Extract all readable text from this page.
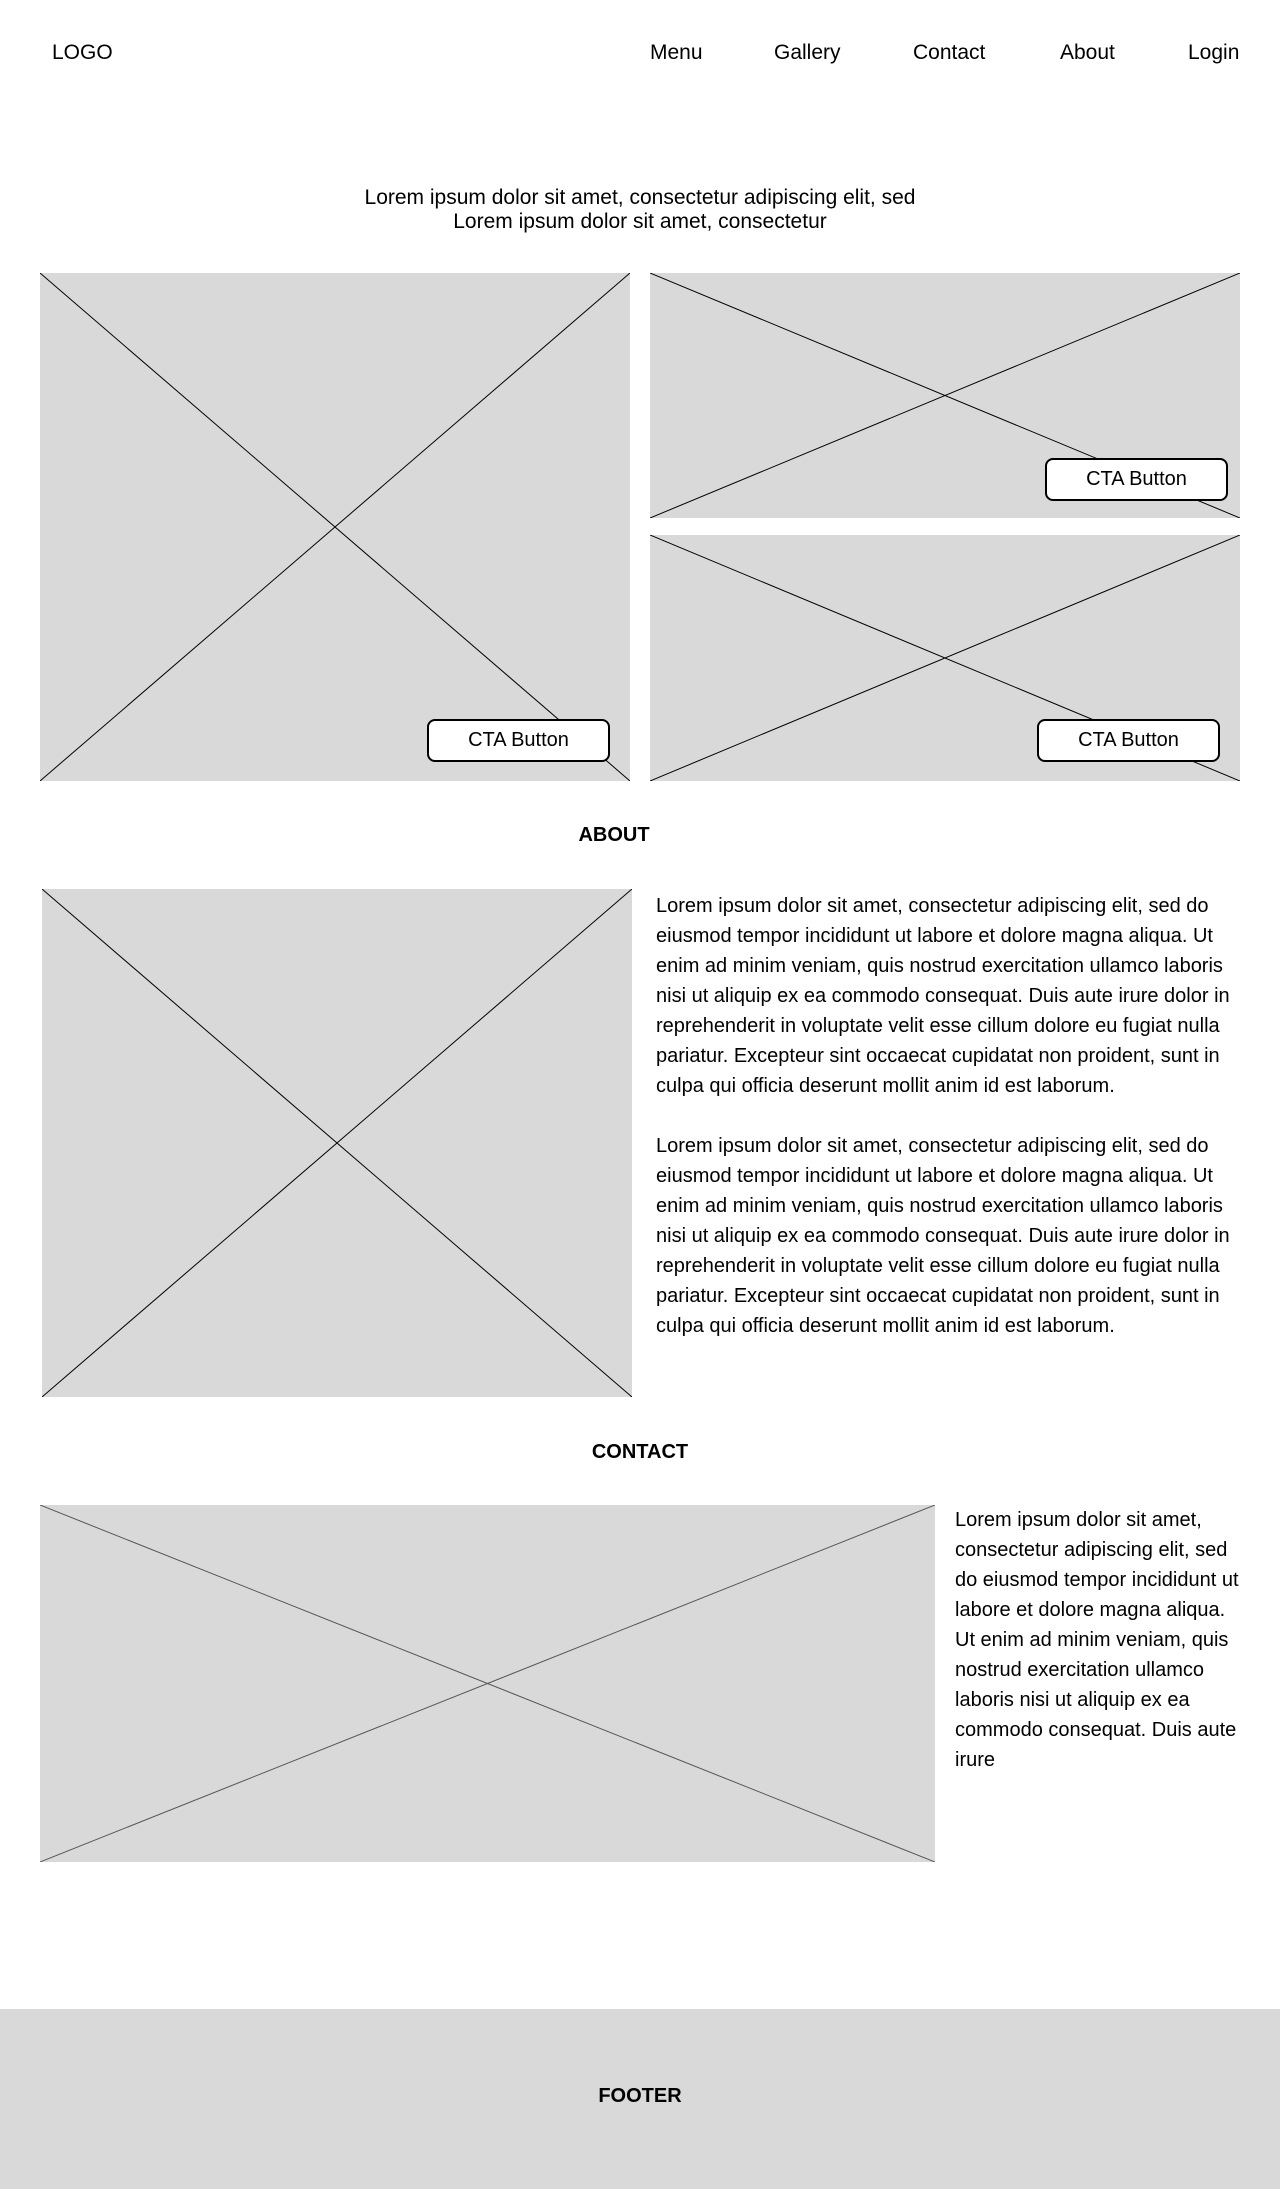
LOGO	Menu	Gallery	Contact	About	Login
Lorem ipsum dolor sit amet, consectetur adipiscing elit, sed
Lorem ipsum dolor sit amet, consectetur
CTA Button
CTA Button
CTA Button
ABOUT

Lorem ipsum dolor sit amet, consectetur adipiscing elit, sed do eiusmod tempor incididunt ut labore et dolore magna aliqua. Ut enim ad minim veniam, quis nostrud exercitation ullamco laboris nisi ut aliquip ex ea commodo consequat. Duis aute irure dolor in reprehenderit in voluptate velit esse cillum dolore eu fugiat nulla pariatur. Excepteur sint occaecat cupidatat non proident, sunt in culpa qui officia deserunt mollit anim id est laborum.

Lorem ipsum dolor sit amet, consectetur adipiscing elit, sed do eiusmod tempor incididunt ut labore et dolore magna aliqua. Ut enim ad minim veniam, quis nostrud exercitation ullamco laboris nisi ut aliquip ex ea commodo consequat. Duis aute irure dolor in reprehenderit in voluptate velit esse cillum dolore eu fugiat nulla pariatur. Excepteur sint occaecat cupidatat non proident, sunt in culpa qui officia deserunt mollit anim id est laborum.

CONTACT

Lorem ipsum dolor sit amet, consectetur adipiscing elit, sed do eiusmod tempor incididunt ut labore et dolore magna aliqua. Ut enim ad minim veniam, quis nostrud exercitation ullamco laboris nisi ut aliquip ex ea commodo consequat. Duis aute irure

FOOTER
